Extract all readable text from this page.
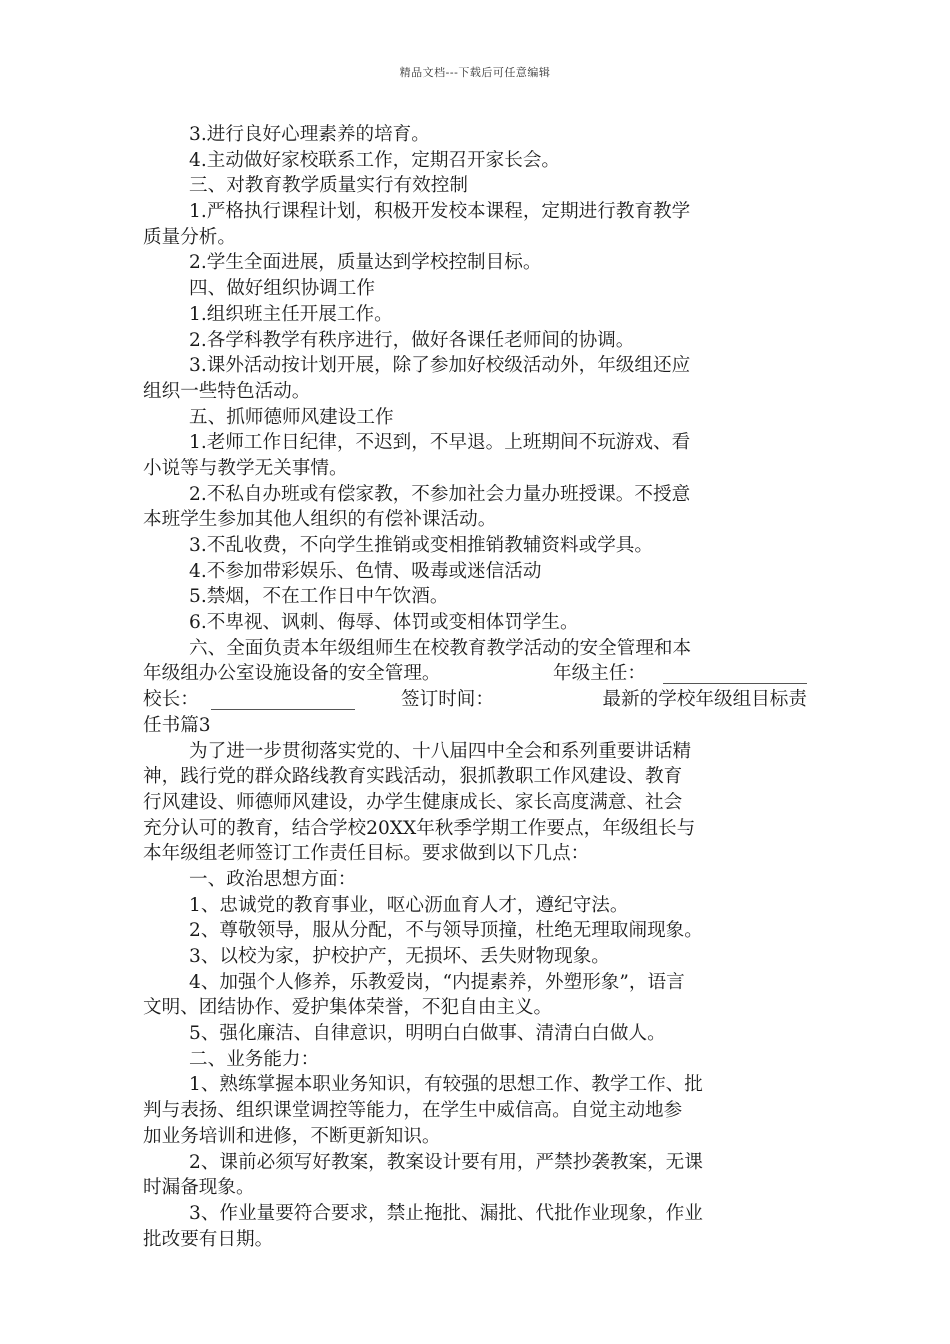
精品文档---下载后可任意编辑
3.进行良好心理素养的培育。
4.主动做好家校联系工作，定期召开家长会。
三、对教育教学质量实行有效控制
1.严格执行课程计划，积极开发校本课程，定期进行教育教学
质量分析。
2.学生全面进展，质量达到学校控制目标。
四、做好组织协调工作
1.组织班主任开展工作。
2.各学科教学有秩序进行，做好各课任老师间的协调。
3.课外活动按计划开展，除了参加好校级活动外，年级组还应
组织一些特色活动。
五、抓师德师风建设工作
1.老师工作日纪律，不迟到，不早退。上班期间不玩游戏、看
小说等与教学无关事情。
2.不私自办班或有偿家教，不参加社会力量办班授课。不授意
本班学生参加其他人组织的有偿补课活动。
3.不乱收费，不向学生推销或变相推销教辅资料或学具。
4.不参加带彩娱乐、色情、吸毒或迷信活动
5.禁烟，不在工作日中午饮酒。
6.不卑视、讽刺、侮辱、体罚或变相体罚学生。
六、全面负责本年级组师生在校教育教学活动的安全管理和本
年级组办公室设施设备的安全管理。	年级主任：
校长：	签订时间：	最新的学校年级组目标责
任书篇3
为了进一步贯彻落实党的、十八届四中全会和系列重要讲话精
神，践行党的群众路线教育实践活动，狠抓教职工作风建设、教育
行风建设、师德师风建设，办学生健康成长、家长高度满意、社会
充分认可的教育，结合学校20XX年秋季学期工作要点，年级组长与
本年级组老师签订工作责任目标。要求做到以下几点：
一、政治思想方面：
1、忠诚党的教育事业，呕心沥血育人才，遵纪守法。
2、尊敬领导，服从分配，不与领导顶撞，杜绝无理取闹现象。
3、以校为家，护校护产，无损坏、丢失财物现象。
4、加强个人修养，乐教爱岗，“内提素养，外塑形象”，语言
文明、团结协作、爱护集体荣誉，不犯自由主义。
5、强化廉洁、自律意识，明明白白做事、清清白白做人。
二、业务能力：
1、熟练掌握本职业务知识，有较强的思想工作、教学工作、批
判与表扬、组织课堂调控等能力，在学生中威信高。自觉主动地参
加业务培训和进修，不断更新知识。
2、课前必须写好教案，教案设计要有用，严禁抄袭教案，无课
时漏备现象。
3、作业量要符合要求，禁止拖批、漏批、代批作业现象，作业
批改要有日期。
